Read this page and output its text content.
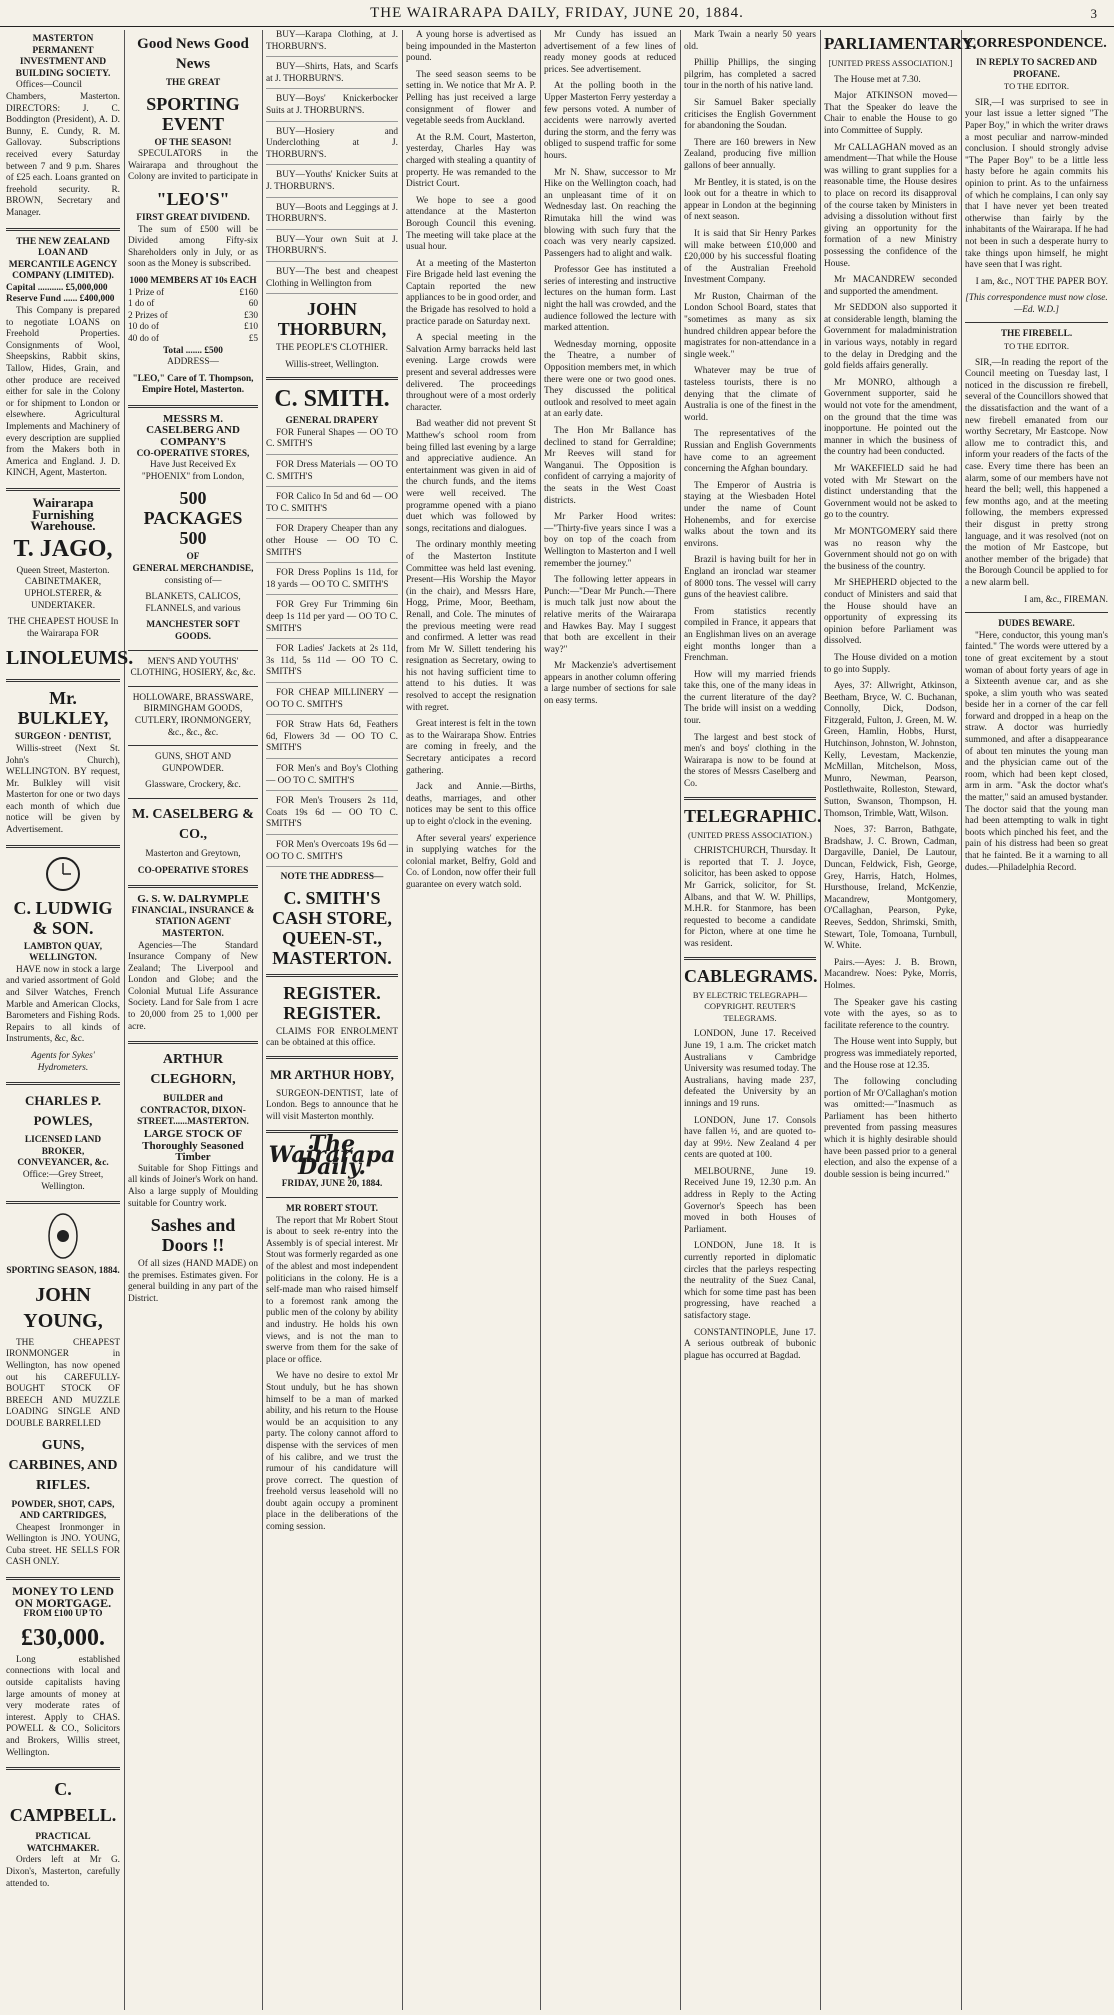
THE WAIRARAPA DAILY, FRIDAY, JUNE 20, 1884.	3
MASTERTON PERMANENT INVESTMENT AND BUILDING SOCIETY.

Offices—Council Chambers, Masterton. DIRECTORS: J. C. Boddington (President), A. D. Bunny, E. Cundy, R. M. Gallovay. Subscriptions received every Saturday between 7 and 9 p.m. Shares of £25 each. Loans granted on freehold security. R. BROWN, Secretary and Manager.

THE NEW ZEALAND LOAN AND MERCANTILE AGENCY COMPANY (LIMITED).
Capital ........... £5,000,000
Reserve Fund ...... £400,000

This Company is prepared to negotiate LOANS on Freehold Properties. Consignments of Wool, Sheepskins, Rabbit skins, Tallow, Hides, Grain, and other produce are received either for sale in the Colony or for shipment to London or elsewhere. Agricultural Implements and Machinery of every description are supplied from the Makers both in America and England. J. D. KINCH, Agent, Masterton.

Wairarapa Furnishing Warehouse.
T. JAGO,

Queen Street, Masterton. CABINETMAKER, UPHOLSTERER, & UNDERTAKER.

THE CHEAPEST HOUSE In the Wairarapa FOR

LINOLEUMS.
Mr. BULKLEY,
SURGEON · DENTIST,

Willis-street (Next St. John's Church), WELLINGTON. BY request, Mr. Bulkley will visit Masterton for one or two days each month of which due notice will be given by Advertisement.

C. LUDWIG & SON.
LAMBTON QUAY, WELLINGTON.

HAVE now in stock a large and varied assortment of Gold and Silver Watches, French Marble and American Clocks, Barometers and Fishing Rods. Repairs to all kinds of Instruments, &c, &c.

Agents for Sykes' Hydrometers.

CHARLES P. POWLES,
LICENSED LAND BROKER, CONVEYANCER, &c.

Office:—Grey Street, Wellington.

SPORTING SEASON, 1884.
JOHN YOUNG,

THE CHEAPEST IRONMONGER in Wellington, has now opened out his CAREFULLY-BOUGHT STOCK OF BREECH AND MUZZLE LOADING SINGLE AND DOUBLE BARRELLED

GUNS, CARBINES, AND RIFLES.
POWDER, SHOT, CAPS, AND CARTRIDGES,

Cheapest Ironmonger in Wellington is JNO. YOUNG, Cuba street. HE SELLS FOR CASH ONLY.

MONEY TO LEND ON MORTGAGE.
FROM £100 UP TO
£30,000.

Long established connections with local and outside capitalists having large amounts of money at very moderate rates of interest. Apply to CHAS. POWELL & CO., Solicitors and Brokers, Willis street, Wellington.

C. CAMPBELL.
PRACTICAL WATCHMAKER.

Orders left at Mr G. Dixon's, Masterton, carefully attended to.

Good News Good News
THE GREAT
SPORTING EVENT
OF THE SEASON!

SPECULATORS in the Wairarapa and throughout the Colony are invited to participate in

"LEO'S"
FIRST GREAT DIVIDEND.

The sum of £500 will be Divided among Fifty-six Shareholders only in July, or as soon as the Money is subscribed.

1000 MEMBERS AT 10s EACH
1 Prize of	£160
1 do of	60
2 Prizes of	£30
10 do of	£10
40 do of	£5
Total ....... £500

ADDRESS—

"LEO," Care of T. Thompson, Empire Hotel, Masterton.

MESSRS M. CASELBERG AND COMPANY'S
CO-OPERATIVE STORES,

Have Just Received Ex "PHOENIX" from London,

500 PACKAGES 500
OF
GENERAL MERCHANDISE,

consisting of—

BLANKETS, CALICOS, FLANNELS, and various

MANCHESTER SOFT GOODS.

MEN'S AND YOUTHS' CLOTHING, HOSIERY, &c, &c.

HOLLOWARE, BRASSWARE, BIRMINGHAM GOODS, CUTLERY, IRONMONGERY, &c., &c., &c.

GUNS, SHOT AND GUNPOWDER.

Glassware, Crockery, &c.

M. CASELBERG & CO.,

Masterton and Greytown,

CO-OPERATIVE STORES
G. S. W. DALRYMPLE
FINANCIAL, INSURANCE & STATION AGENT MASTERTON.

Agencies—The Standard Insurance Company of New Zealand; The Liverpool and London and Globe; and the Colonial Mutual Life Assurance Society. Land for Sale from 1 acre to 20,000 from 25 to 1,000 per acre.

ARTHUR CLEGHORN,
BUILDER and CONTRACTOR, DIXON-STREET......MASTERTON.
LARGE STOCK OF Thoroughly Seasoned Timber

Suitable for Shop Fittings and all kinds of Joiner's Work on hand. Also a large supply of Moulding suitable for Country work.

Sashes and Doors !!

Of all sizes (HAND MADE) on the premises. Estimates given. For general building in any part of the District.

BUY—Karapa Clothing, at J. THORBURN'S.

BUY—Shirts, Hats, and Scarfs at J. THORBURN'S.

BUY—Boys' Knickerbocker Suits at J. THORBURN'S.

BUY—Hosiery and Underclothing at J. THORBURN'S.

BUY—Youths' Knicker Suits at J. THORBURN'S.

BUY—Boots and Leggings at J. THORBURN'S.

BUY—Your own Suit at J. THORBURN'S.

BUY—The best and cheapest Clothing in Wellington from

JOHN THORBURN,

THE PEOPLE'S CLOTHIER.

Willis-street, Wellington.

C. SMITH.
GENERAL DRAPERY

FOR Funeral Shapes — OO TO C. SMITH'S

FOR Dress Materials — OO TO C. SMITH'S

FOR Calico In 5d and 6d — OO TO C. SMITH'S

FOR Drapery Cheaper than any other House — OO TO C. SMITH'S

FOR Dress Poplins 1s 11d, for 18 yards — OO TO C. SMITH'S

FOR Grey Fur Trimming 6in deep 1s 11d per yard — OO TO C. SMITH'S

FOR Ladies' Jackets at 2s 11d, 3s 11d, 5s 11d — OO TO C. SMITH'S

FOR CHEAP MILLINERY — OO TO C. SMITH'S

FOR Straw Hats 6d, Feathers 6d, Flowers 3d — OO TO C. SMITH'S

FOR Men's and Boy's Clothing — OO TO C. SMITH'S

FOR Men's Trousers 2s 11d, Coats 19s 6d — OO TO C. SMITH'S

FOR Men's Overcoats 19s 6d — OO TO C. SMITH'S

NOTE THE ADDRESS—
C. SMITH'S CASH STORE, QUEEN-ST., MASTERTON.
REGISTER. REGISTER.

CLAIMS FOR ENROLMENT can be obtained at this office.

MR ARTHUR HOBY,

SURGEON-DENTIST, late of London. Begs to announce that he will visit Masterton monthly.

The Wairarapa Daily.
FRIDAY, JUNE 20, 1884.
MR ROBERT STOUT.

The report that Mr Robert Stout is about to seek re-entry into the Assembly is of special interest. Mr Stout was formerly regarded as one of the ablest and most independent politicians in the colony. He is a self-made man who raised himself to a foremost rank among the public men of the colony by ability and industry. He holds his own views, and is not the man to swerve from them for the sake of place or office.

We have no desire to extol Mr Stout unduly, but he has shown himself to be a man of marked ability, and his return to the House would be an acquisition to any party. The colony cannot afford to dispense with the services of men of his calibre, and we trust the rumour of his candidature will prove correct. The question of freehold versus leasehold will no doubt again occupy a prominent place in the deliberations of the coming session.

A young horse is advertised as being impounded in the Masterton pound.

The seed season seems to be setting in. We notice that Mr A. P. Pelling has just received a large consignment of flower and vegetable seeds from Auckland.

At the R.M. Court, Masterton, yesterday, Charles Hay was charged with stealing a quantity of property. He was remanded to the District Court.

We hope to see a good attendance at the Masterton Borough Council this evening. The meeting will take place at the usual hour.

At a meeting of the Masterton Fire Brigade held last evening the Captain reported the new appliances to be in good order, and the Brigade has resolved to hold a practice parade on Saturday next.

A special meeting in the Salvation Army barracks held last evening. Large crowds were present and several addresses were delivered. The proceedings throughout were of a most orderly character.

Bad weather did not prevent St Matthew's school room from being filled last evening by a large and appreciative audience. An entertainment was given in aid of the church funds, and the items were well received. The programme opened with a piano duet which was followed by songs, recitations and dialogues.

The ordinary monthly meeting of the Masterton Institute Committee was held last evening. Present—His Worship the Mayor (in the chair), and Messrs Hare, Hogg, Prime, Moor, Beetham, Renall, and Cole. The minutes of the previous meeting were read and confirmed. A letter was read from Mr W. Sillett tendering his resignation as Secretary, owing to his not having sufficient time to attend to his duties. It was resolved to accept the resignation with regret.

Great interest is felt in the town as to the Wairarapa Show. Entries are coming in freely, and the Secretary anticipates a record gathering.

Jack and Annie.—Births, deaths, marriages, and other notices may be sent to this office up to eight o'clock in the evening.

After several years' experience in supplying watches for the colonial market, Belfry, Gold and Co. of London, now offer their full guarantee on every watch sold.

Mr Cundy has issued an advertisement of a few lines of ready money goods at reduced prices. See advertisement.

At the polling booth in the Upper Masterton Ferry yesterday a few persons voted. A number of accidents were narrowly averted during the storm, and the ferry was obliged to suspend traffic for some hours.

Mr N. Shaw, successor to Mr Hike on the Wellington coach, had an unpleasant time of it on Wednesday last. On reaching the Rimutaka hill the wind was blowing with such fury that the coach was very nearly capsized. Passengers had to alight and walk.

Professor Gee has instituted a series of interesting and instructive lectures on the human form. Last night the hall was crowded, and the audience followed the lecture with marked attention.

Wednesday morning, opposite the Theatre, a number of Opposition members met, in which there were one or two good ones. They discussed the political outlook and resolved to meet again at an early date.

The Hon Mr Ballance has declined to stand for Gerraldine; Mr Reeves will stand for Wanganui. The Opposition is confident of carrying a majority of the seats in the West Coast districts.

Mr Parker Hood writes:—"Thirty-five years since I was a boy on top of the coach from Wellington to Masterton and I well remember the journey."

The following letter appears in Punch:—"Dear Mr Punch.—There is much talk just now about the relative merits of the Wairarapa and Hawkes Bay. May I suggest that both are excellent in their way?"

Mr Mackenzie's advertisement appears in another column offering a large number of sections for sale on easy terms.

Mark Twain a nearly 50 years old.

Phillip Phillips, the singing pilgrim, has completed a sacred tour in the north of his native land.

Sir Samuel Baker specially criticises the English Government for abandoning the Soudan.

There are 160 brewers in New Zealand, producing five million gallons of beer annually.

Mr Bentley, it is stated, is on the look out for a theatre in which to appear in London at the beginning of next season.

It is said that Sir Henry Parkes will make between £10,000 and £20,000 by his successful floating of the Australian Freehold Investment Company.

Mr Ruston, Chairman of the London School Board, states that "sometimes as many as six hundred children appear before the magistrates for non-attendance in a single week."

Whatever may be true of tasteless tourists, there is no denying that the climate of Australia is one of the finest in the world.

The representatives of the Russian and English Governments have come to an agreement concerning the Afghan boundary.

The Emperor of Austria is staying at the Wiesbaden Hotel under the name of Count Hohenembs, and for exercise walks about the town and its environs.

Brazil is having built for her in England an ironclad war steamer of 8000 tons. The vessel will carry guns of the heaviest calibre.

From statistics recently compiled in France, it appears that an Englishman lives on an average eight months longer than a Frenchman.

How will my married friends take this, one of the many ideas in the current literature of the day? The bride will insist on a wedding tour.

The largest and best stock of men's and boys' clothing in the Wairarapa is now to be found at the stores of Messrs Caselberg and Co.

TELEGRAPHIC.

(UNITED PRESS ASSOCIATION.)

CHRISTCHURCH, Thursday. It is reported that T. J. Joyce, solicitor, has been asked to oppose Mr Garrick, solicitor, for St. Albans, and that W. W. Phillips, M.H.R. for Stanmore, has been requested to become a candidate for Picton, where at one time he was resident.

CABLEGRAMS.

BY ELECTRIC TELEGRAPH—COPYRIGHT. REUTER'S TELEGRAMS.

LONDON, June 17. Received June 19, 1 a.m. The cricket match Australians v Cambridge University was resumed today. The Australians, having made 237, defeated the University by an innings and 19 runs.

LONDON, June 17. Consols have fallen ½, and are quoted to-day at 99½. New Zealand 4 per cents are quoted at 100.

MELBOURNE, June 19. Received June 19, 12.30 p.m. An address in Reply to the Acting Governor's Speech has been moved in both Houses of Parliament.

LONDON, June 18. It is currently reported in diplomatic circles that the parleys respecting the neutrality of the Suez Canal, which for some time past has been progressing, have reached a satisfactory stage.

CONSTANTINOPLE, June 17. A serious outbreak of bubonic plague has occurred at Bagdad.

PARLIAMENTARY.

[UNITED PRESS ASSOCIATION.]

The House met at 7.30.

Major ATKINSON moved—That the Speaker do leave the Chair to enable the House to go into Committee of Supply.

Mr CALLAGHAN moved as an amendment—That while the House was willing to grant supplies for a reasonable time, the House desires to place on record its disapproval of the course taken by Ministers in advising a dissolution without first giving an opportunity for the formation of a new Ministry possessing the confidence of the House.

Mr MACANDREW seconded and supported the amendment.

Mr SEDDON also supported it at considerable length, blaming the Government for maladministration in various ways, notably in regard to the delay in Dredging and the gold fields affairs generally.

Mr MONRO, although a Government supporter, said he would not vote for the amendment, on the ground that the time was inopportune. He pointed out the manner in which the business of the country had been conducted.

Mr WAKEFIELD said he had voted with Mr Stewart on the distinct understanding that the Government would not be asked to go to the country.

Mr MONTGOMERY said there was no reason why the Government should not go on with the business of the country.

Mr SHEPHERD objected to the conduct of Ministers and said that the House should have an opportunity of expressing its opinion before Parliament was dissolved.

The House divided on a motion to go into Supply.

Ayes, 37: Allwright, Atkinson, Beetham, Bryce, W. C. Buchanan, Connolly, Dick, Dodson, Fitzgerald, Fulton, J. Green, M. W. Green, Hamlin, Hobbs, Hurst, Hutchinson, Johnston, W. Johnston, Kelly, Levestam, Mackenzie, McMillan, Mitchelson, Moss, Munro, Newman, Pearson, Postlethwaite, Rolleston, Steward, Sutton, Swanson, Thompson, H. Thomson, Trimble, Watt, Wilson.

Noes, 37: Barron, Bathgate, Bradshaw, J. C. Brown, Cadman, Dargaville, Daniel, De Lautour, Duncan, Feldwick, Fish, George, Grey, Harris, Hatch, Holmes, Hursthouse, Ireland, McKenzie, Macandrew, Montgomery, O'Callaghan, Pearson, Pyke, Reeves, Seddon, Shrimski, Smith, Stewart, Tole, Tomoana, Turnbull, W. White.

Pairs.—Ayes: J. B. Brown, Macandrew. Noes: Pyke, Morris, Holmes.

The Speaker gave his casting vote with the ayes, so as to facilitate reference to the country.

The House went into Supply, but progress was immediately reported, and the House rose at 12.35.

The following concluding portion of Mr O'Callaghan's motion was omitted:—"Inasmuch as Parliament has been hitherto prevented from passing measures which it is highly desirable should have been passed prior to a general election, and also the expense of a double session is being incurred."

CORRESPONDENCE.
IN REPLY TO SACRED AND PROFANE.

TO THE EDITOR.

SIR,—I was surprised to see in your last issue a letter signed "The Paper Boy," in which the writer draws a most peculiar and narrow-minded conclusion. I should strongly advise "The Paper Boy" to be a little less hasty before he again commits his opinion to print. As to the unfairness of which he complains, I can only say that I have never yet been treated otherwise than fairly by the inhabitants of the Wairarapa. If he had not been in such a desperate hurry to take things upon himself, he might have seen that I was right.

I am, &c., NOT THE PAPER BOY.

[This correspondence must now close.—Ed. W.D.]

THE FIREBELL.

TO THE EDITOR.

SIR,—In reading the report of the Council meeting on Tuesday last, I noticed in the discussion re firebell, several of the Councillors showed that the dissatisfaction and the want of a new firebell emanated from our worthy Secretary, Mr Eastcope. Now allow me to contradict this, and inform your readers of the facts of the case. Every time there has been an alarm, some of our members have not heard the bell; well, this happened a few months ago, and at the meeting following, the members expressed their disgust in pretty strong language, and it was resolved (not on the motion of Mr Eastcope, but another member of the brigade) that the Borough Council be applied to for a new alarm bell.

I am, &c., FIREMAN.

DUDES BEWARE.

"Here, conductor, this young man's fainted." The words were uttered by a tone of great excitement by a stout woman of about forty years of age in a Sixteenth avenue car, and as she spoke, a slim youth who was seated beside her in a corner of the car fell forward and dropped in a heap on the straw. A doctor was hurriedly summoned, and after a disappearance of about ten minutes the young man and the physician came out of the room, which had been kept closed, arm in arm. "Ask the doctor what's the matter," said an amused bystander. The doctor said that the young man had been attempting to walk in tight boots which pinched his feet, and the pain of his distress had been so great that he fainted. Be it a warning to all dudes.—Philadelphia Record.
